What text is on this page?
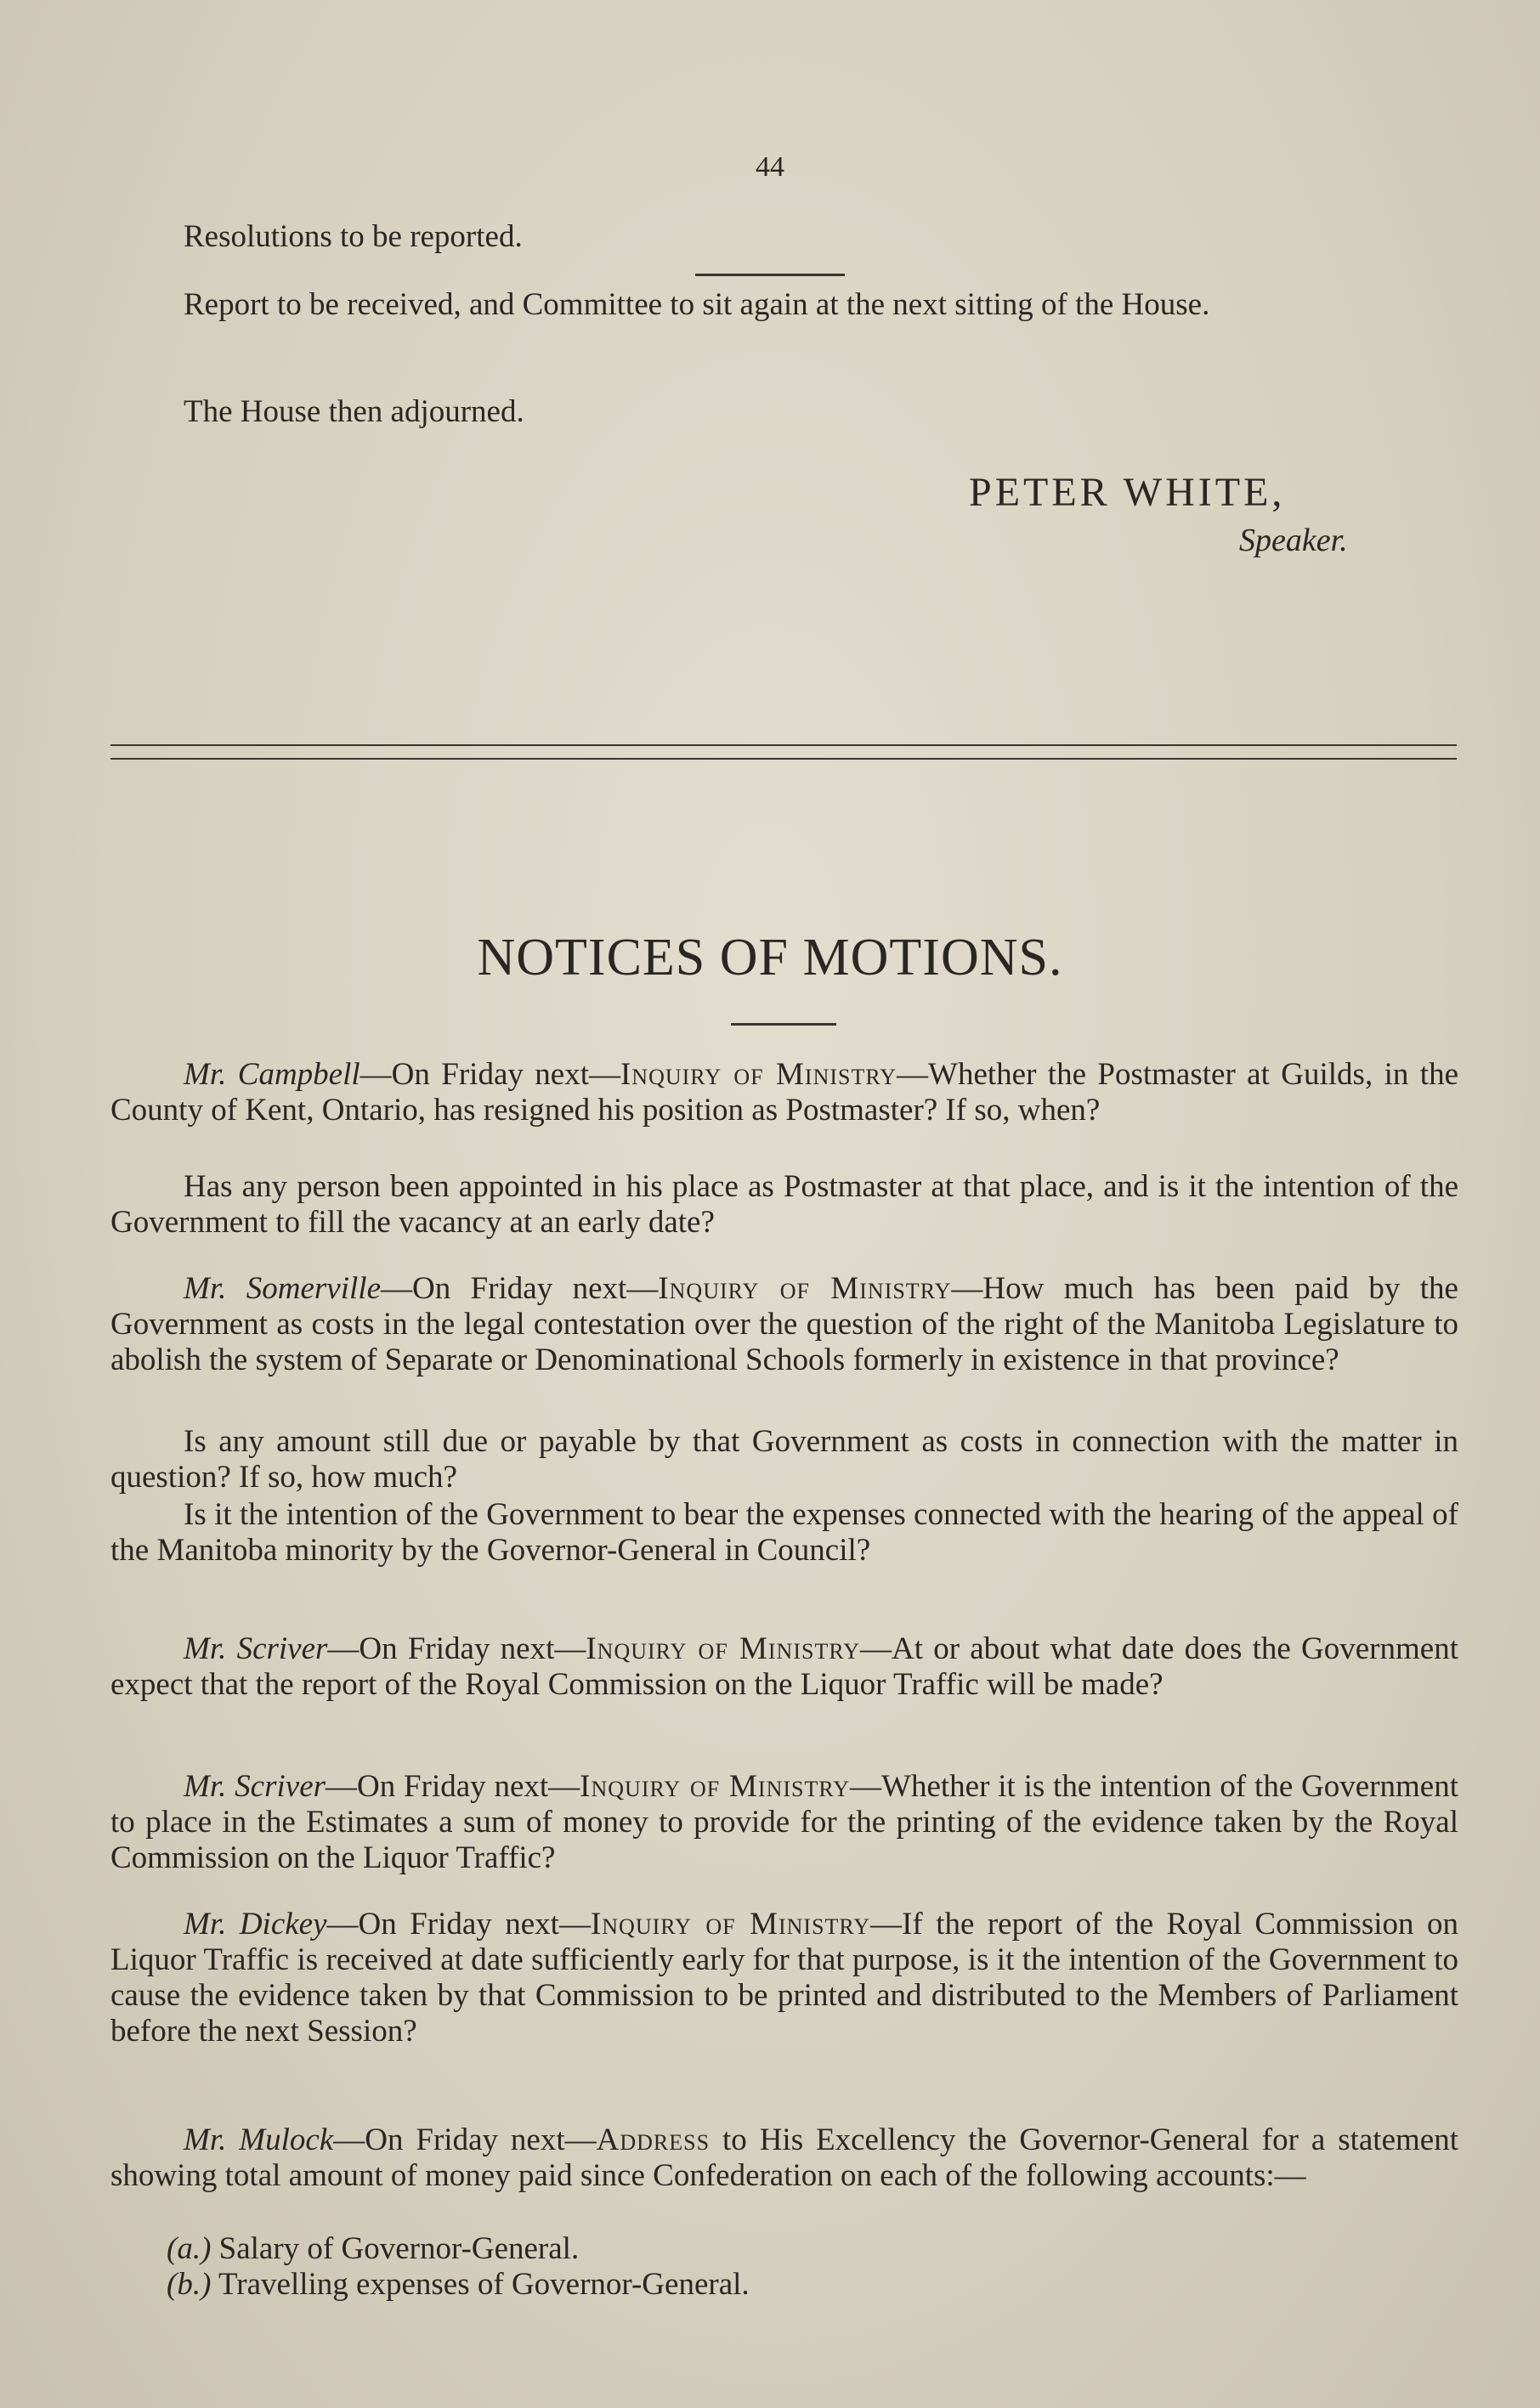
44

Resolutions to be reported.

Report to be received, and Committee to sit again at the next sitting of the House.

The House then adjourned.

PETER WHITE,
Speaker.
NOTICES OF MOTIONS.

Mr. Campbell—On Friday next—Inquiry of Ministry—Whether the Postmaster at Guilds, in the County of Kent, Ontario, has resigned his position as Postmaster? If so, when?

Has any person been appointed in his place as Postmaster at that place, and is it the intention of the Government to fill the vacancy at an early date?

Mr. Somerville—On Friday next—Inquiry of Ministry—How much has been paid by the Government as costs in the legal contestation over the question of the right of the Manitoba Legislature to abolish the system of Separate or Denominational Schools formerly in existence in that province?

Is any amount still due or payable by that Government as costs in connection with the matter in question? If so, how much?

Is it the intention of the Government to bear the expenses connected with the hearing of the appeal of the Manitoba minority by the Governor-General in Council?

Mr. Scriver—On Friday next—Inquiry of Ministry—At or about what date does the Government expect that the report of the Royal Commission on the Liquor Traffic will be made?

Mr. Scriver—On Friday next—Inquiry of Ministry—Whether it is the intention of the Government to place in the Estimates a sum of money to provide for the printing of the evidence taken by the Royal Commission on the Liquor Traffic?

Mr. Dickey—On Friday next—Inquiry of Ministry—If the report of the Royal Commission on Liquor Traffic is received at date sufficiently early for that purpose, is it the intention of the Government to cause the evidence taken by that Commission to be printed and distributed to the Members of Parliament before the next Session?

Mr. Mulock—On Friday next—Address to His Excellency the Governor-General for a statement showing total amount of money paid since Confederation on each of the following accounts:—

(a.) Salary of Governor-General.
(b.) Travelling expenses of Governor-General.
